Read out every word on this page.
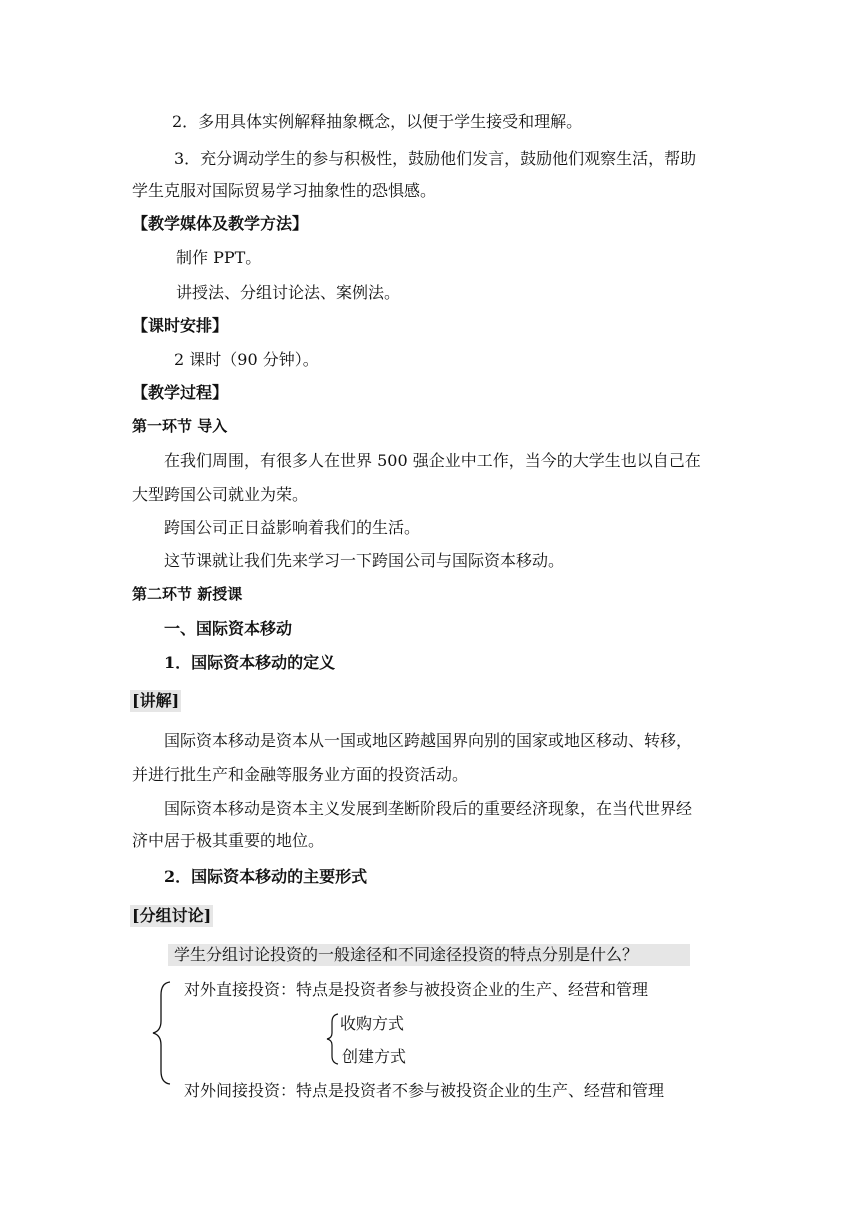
2．多用具体实例解释抽象概念，以便于学生接受和理解。

3．充分调动学生的参与积极性，鼓励他们发言，鼓励他们观察生活，帮助

学生克服对国际贸易学习抽象性的恐惧感。

【教学媒体及教学方法】

制作 PPT。

讲授法、分组讨论法、案例法。

【课时安排】

2 课时（90 分钟）。

【教学过程】

第一环节 导入

在我们周围，有很多人在世界 500 强企业中工作，当今的大学生也以自己在

大型跨国公司就业为荣。

跨国公司正日益影响着我们的生活。

这节课就让我们先来学习一下跨国公司与国际资本移动。

第二环节 新授课

一、国际资本移动

1．国际资本移动的定义

[讲解]

国际资本移动是资本从一国或地区跨越国界向别的国家或地区移动、转移，

并进行批生产和金融等服务业方面的投资活动。

国际资本移动是资本主义发展到垄断阶段后的重要经济现象，在当代世界经

济中居于极其重要的地位。

2．国际资本移动的主要形式

[分组讨论]

学生分组讨论投资的一般途径和不同途径投资的特点分别是什么？

对外直接投资：特点是投资者参与被投资企业的生产、经营和管理

收购方式

创建方式

对外间接投资：特点是投资者不参与被投资企业的生产、经营和管理
